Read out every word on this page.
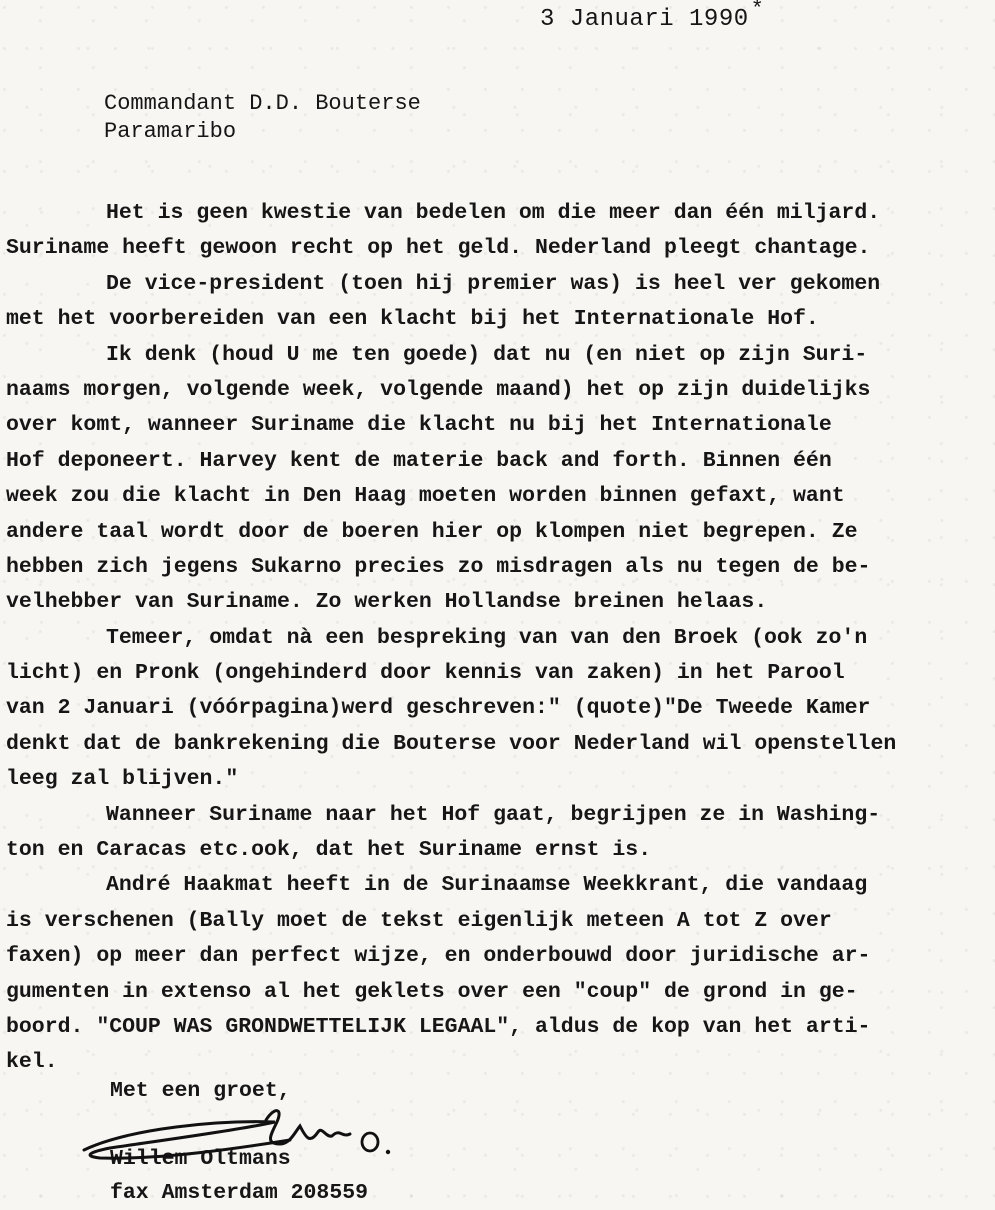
3 Januari 1990*
Commandant D.D. Bouterse
Paramaribo
Het is geen kwestie van bedelen om die meer dan één miljard.
Suriname heeft gewoon recht op het geld. Nederland pleegt chantage.
De vice-president (toen hij premier was) is heel ver gekomen
met het voorbereiden van een klacht bij het Internationale Hof.
Ik denk (houd U me ten goede) dat nu (en niet op zijn Suri-
naams morgen, volgende week, volgende maand) het op zijn duidelijks
over komt, wanneer Suriname die klacht nu bij het Internationale
Hof deponeert. Harvey kent de materie back and forth. Binnen één
week zou die klacht in Den Haag moeten worden binnen gefaxt, want
andere taal wordt door de boeren hier op klompen niet begrepen. Ze
hebben zich jegens Sukarno precies zo misdragen als nu tegen de be-
velhebber van Suriname. Zo werken Hollandse breinen helaas.
Temeer, omdat nà een bespreking van van den Broek (ook zo'n
licht) en Pronk (ongehinderd door kennis van zaken) in het Parool
van 2 Januari (vóórpagina)werd geschreven:" (quote)"De Tweede Kamer
denkt dat de bankrekening die Bouterse voor Nederland wil openstellen
leeg zal blijven."
Wanneer Suriname naar het Hof gaat, begrijpen ze in Washing-
ton en Caracas etc.ook, dat het Suriname ernst is.
André Haakmat heeft in de Surinaamse Weekkrant, die vandaag
is verschenen (Bally moet de tekst eigenlijk meteen A tot Z over
faxen) op meer dan perfect wijze, en onderbouwd door juridische ar-
gumenten in extenso al het geklets over een "coup" de grond in ge-
boord. "COUP WAS GRONDWETTELIJK LEGAAL", aldus de kop van het arti-
kel.
Met een groet,
Willem Oltmans
fax Amsterdam 208559
